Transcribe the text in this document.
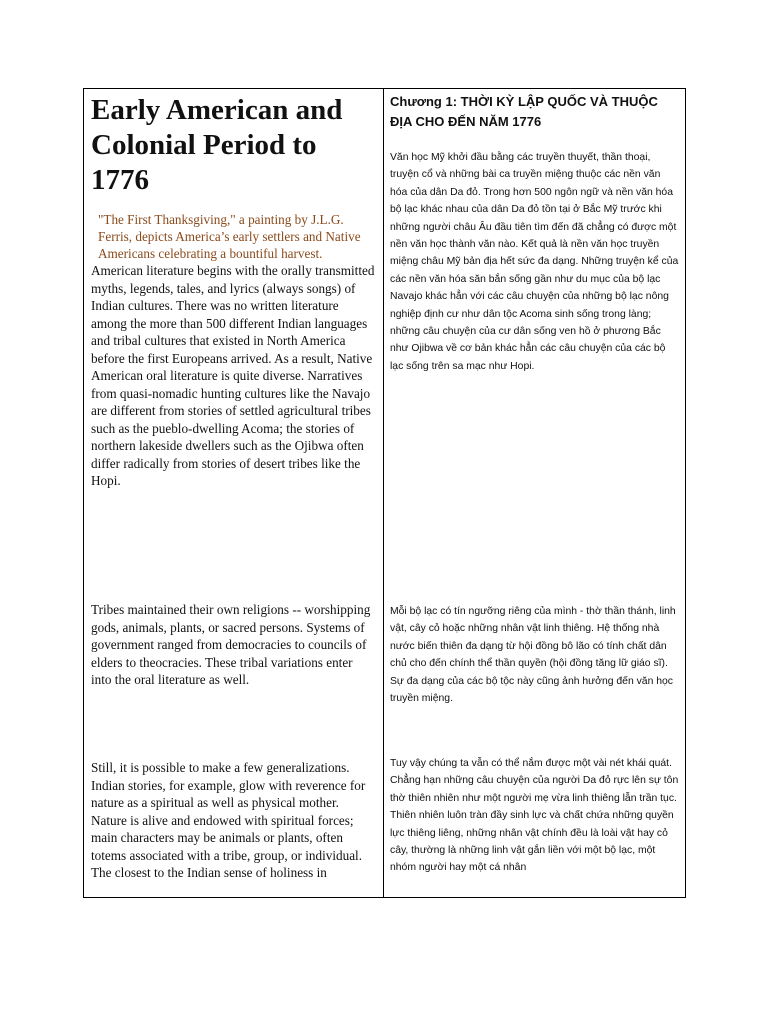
Early American and Colonial Period to 1776

"The First Thanksgiving," a painting by J.L.G. Ferris, depicts America’s early settlers and Native Americans celebrating a bountiful harvest.

American literature begins with the orally transmitted myths, legends, tales, and lyrics (always songs) of Indian cultures. There was no written literature among the more than 500 different Indian languages and tribal cultures that existed in North America before the first Europeans arrived. As a result, Native American oral literature is quite diverse. Narratives from quasi-nomadic hunting cultures like the Navajo are different from stories of settled agricultural tribes such as the pueblo-dwelling Acoma; the stories of northern lakeside dwellers such as the Ojibwa often differ radically from stories of desert tribes like the Hopi.

Tribes maintained their own religions -- worshipping gods, animals, plants, or sacred persons. Systems of government ranged from democracies to councils of elders to theocracies. These tribal variations enter into the oral literature as well.

Still, it is possible to make a few generalizations. Indian stories, for example, glow with reverence for nature as a spiritual as well as physical mother. Nature is alive and endowed with spiritual forces; main characters may be animals or plants, often totems associated with a tribe, group, or individual. The closest to the Indian sense of holiness in

Chương 1: THỜI KỲ LẬP QUỐC VÀ THUỘC ĐỊA CHO ĐẾN NĂM 1776

Văn học Mỹ khởi đầu bằng các truyền thuyết, thần thoại, truyện cổ và những bài ca truyền miệng thuộc các nền văn hóa của dân Da đỏ. Trong hơn 500 ngôn ngữ và nền văn hóa bộ lạc khác nhau của dân Da đỏ tồn tại ở Bắc Mỹ trước khi những người châu Âu đầu tiên tìm đến đã chẳng có được một nền văn học thành văn nào. Kết quả là nền văn học truyền miệng châu Mỹ bản địa hết sức đa dạng. Những truyện kể của các nền văn hóa săn bắn sống gần như du mục của bộ lạc Navajo khác hẳn với các câu chuyện của những bộ lạc nông nghiệp định cư như dân tộc Acoma sinh sống trong làng; những câu chuyện của cư dân sống ven hồ ở phương Bắc như Ojibwa về cơ bản khác hẳn các câu chuyện của các bộ lạc sống trên sa mạc như Hopi.

Mỗi bộ lạc có tín ngưỡng riêng của mình - thờ thần thánh, linh vật, cây cỏ hoặc những nhân vật linh thiêng. Hệ thống nhà nước biến thiên đa dạng từ hội đồng bô lão có tính chất dân chủ cho đến chính thể thần quyền (hội đồng tăng lữ giáo sĩ). Sự đa dạng của các bộ tộc này cũng ảnh hưởng đến văn học truyền miệng.

Tuy vậy chúng ta vẫn có thể nắm được một vài nét khái quát. Chẳng hạn những câu chuyện của người Da đỏ rực lên sự tôn thờ thiên nhiên như một người mẹ vừa linh thiêng lẫn trần tục. Thiên nhiên luôn tràn đầy sinh lực và chất chứa những quyền lực thiêng liêng, những nhân vật chính đều là loài vật hay cỏ cây, thường là những linh vật gắn liền với một bộ lạc, một nhóm người hay một cá nhân
